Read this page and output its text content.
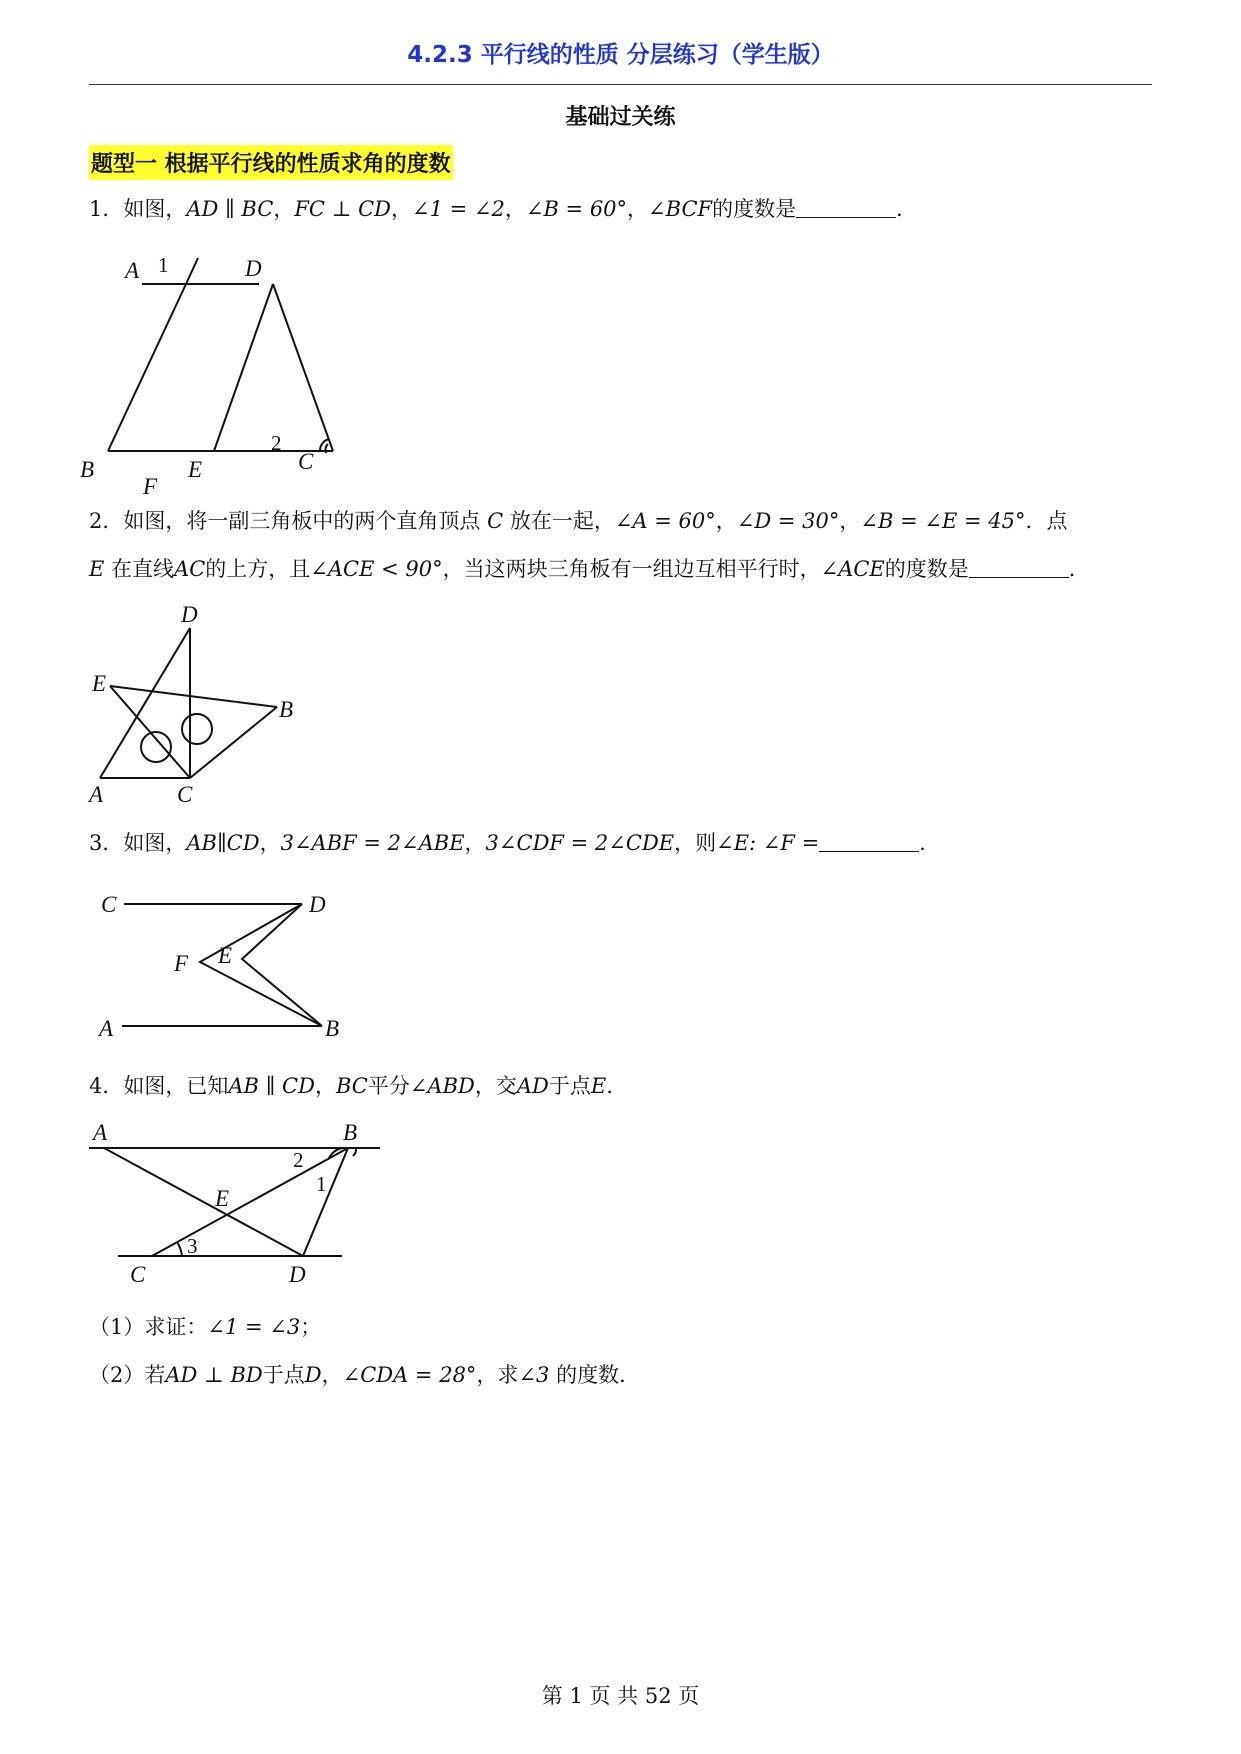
4.2.3 平行线的性质 分层练习（学生版）
基础过关练
题型一 根据平行线的性质求角的度数
1．如图，AD ∥ BC，FC ⊥ CD，∠1 = ∠2，∠B = 60°，∠BCF的度数是	．
A 1	D
B	E
2
C
F
2．如图，将一副三角板中的两个直角顶点 C 放在一起，∠A = 60°，∠D = 30°，∠B = ∠E = 45°．点
E 在直线AC的上方，且∠ACE < 90°，当这两块三角板有一组边互相平行时，∠ACE的度数是	．
D
E
B
A	C
3．如图，AB∥CD，3∠ABF = 2∠ABE，3∠CDF = 2∠CDE，则∠E: ∠F =	．
C	D
F E
A	B
4．如图，已知AB ∥ CD，BC平分∠ABD，交AD于点E.
A	B
2
1
E
3
C	D
（1）求证：∠1 = ∠3；
（2）若AD ⊥ BD于点D，∠CDA = 28°，求∠3 的度数.
第 1 页 共 52 页
